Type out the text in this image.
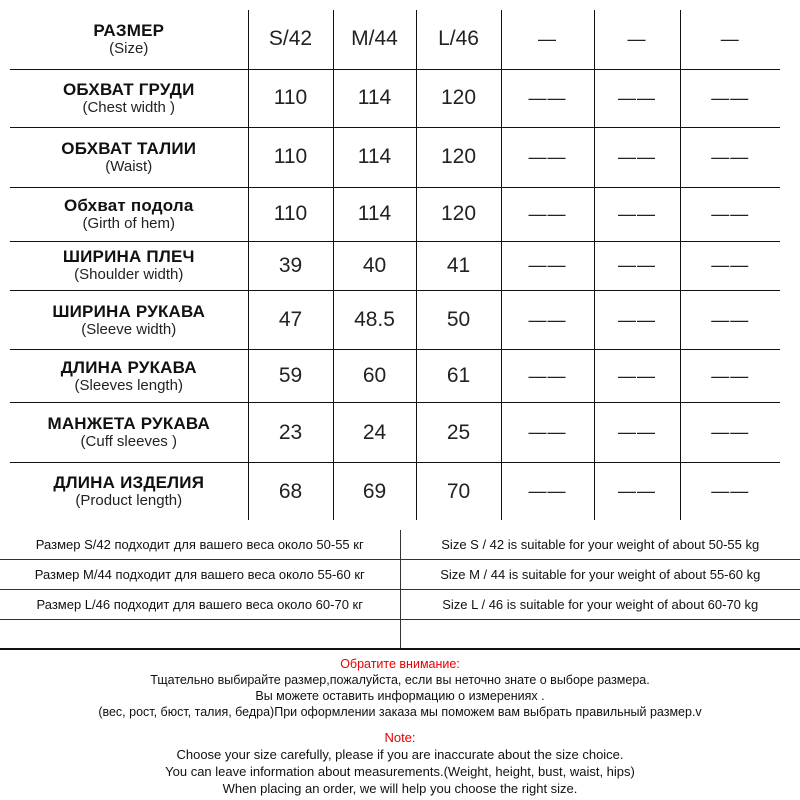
РАЗМЕР
(Size)	S/42	M/44	L/46	—	—	—

ОБХВАТ ГРУДИ
(Chest width )	110	114	120	——	——	——

ОБХВАТ ТАЛИИ
(Waist)	110	114	120	——	——	——

Обхват подола
(Girth of hem)	110	114	120	——	——	——

ШИРИНА ПЛЕЧ
(Shoulder width)	39	40	41	——	——	——

ШИРИНА РУКАВА
(Sleeve width)	47	48.5	50	——	——	——

ДЛИНА РУКАВА
(Sleeves length)	59	60	61	——	——	——

МАНЖЕТА РУКАВА
(Cuff sleeves )	23	24	25	——	——	——

ДЛИНА ИЗДЕЛИЯ
(Product length)	68	69	70	——	——	——
Размер S/42 подходит для вашего веса около 50-55 кг	Size S / 42 is suitable for your weight of about 50-55 kg
Размер M/44 подходит для вашего веса около 55-60 кг	Size M / 44 is suitable for your weight of about 55-60 kg
Размер L/46 подходит для вашего веса около 60-70 кг	Size L / 46 is suitable for your weight of about 60-70 kg

Обратите внимание:
Тщательно выбирайте размер,пожалуйста, если вы неточно знате о выборе размера.
Вы можете оставить информацию о измерениях .
(вес, рост, бюст, талия, бедра)При оформлении заказа мы поможем вам выбрать правильный размер.v
Note:
Choose your size carefully, please if you are inaccurate about the size choice.
You can leave information about measurements.(Weight, height, bust, waist, hips)
When placing an order, we will help you choose the right size.
